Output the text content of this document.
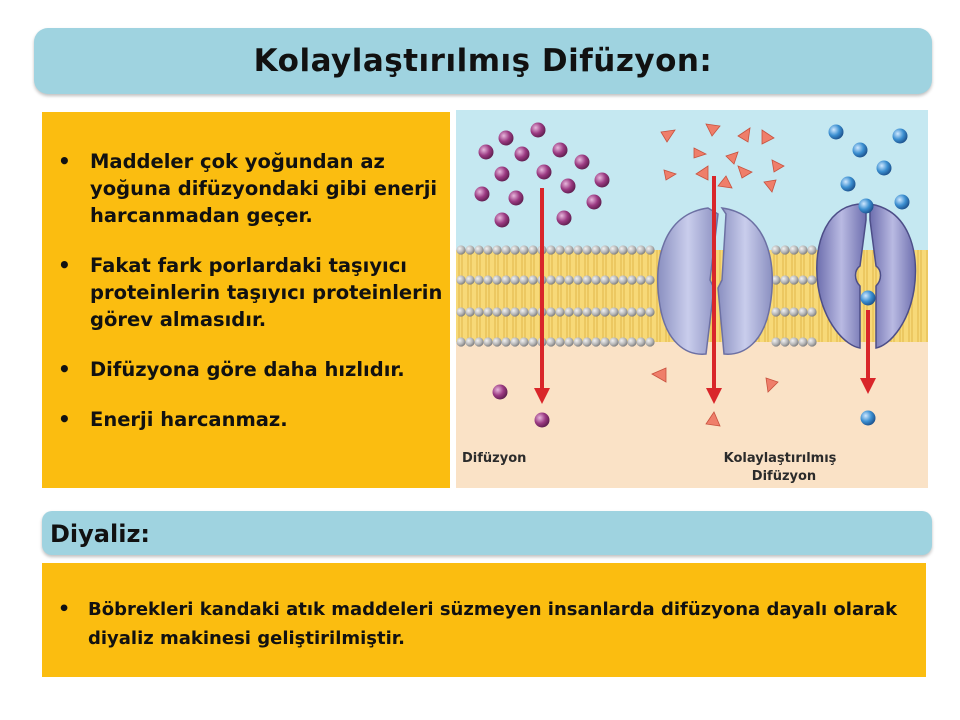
Kolaylaştırılmış Difüzyon:
• Maddeler çok yoğundan az yoğuna difüzyondaki gibi enerji harcanmadan geçer.
• Fakat fark porlardaki taşıyıcı proteinlerin taşıyıcı proteinlerin görev almasıdır.
• Difüzyona göre daha hızlıdır.
• Enerji harcanmaz.
Difüzyon	Kolaylaştırılmış
Difüzyon
Diyaliz:
• Böbrekleri kandaki atık maddeleri süzmeyen insanlarda difüzyona dayalı olarak diyaliz makinesi geliştirilmiştir.
